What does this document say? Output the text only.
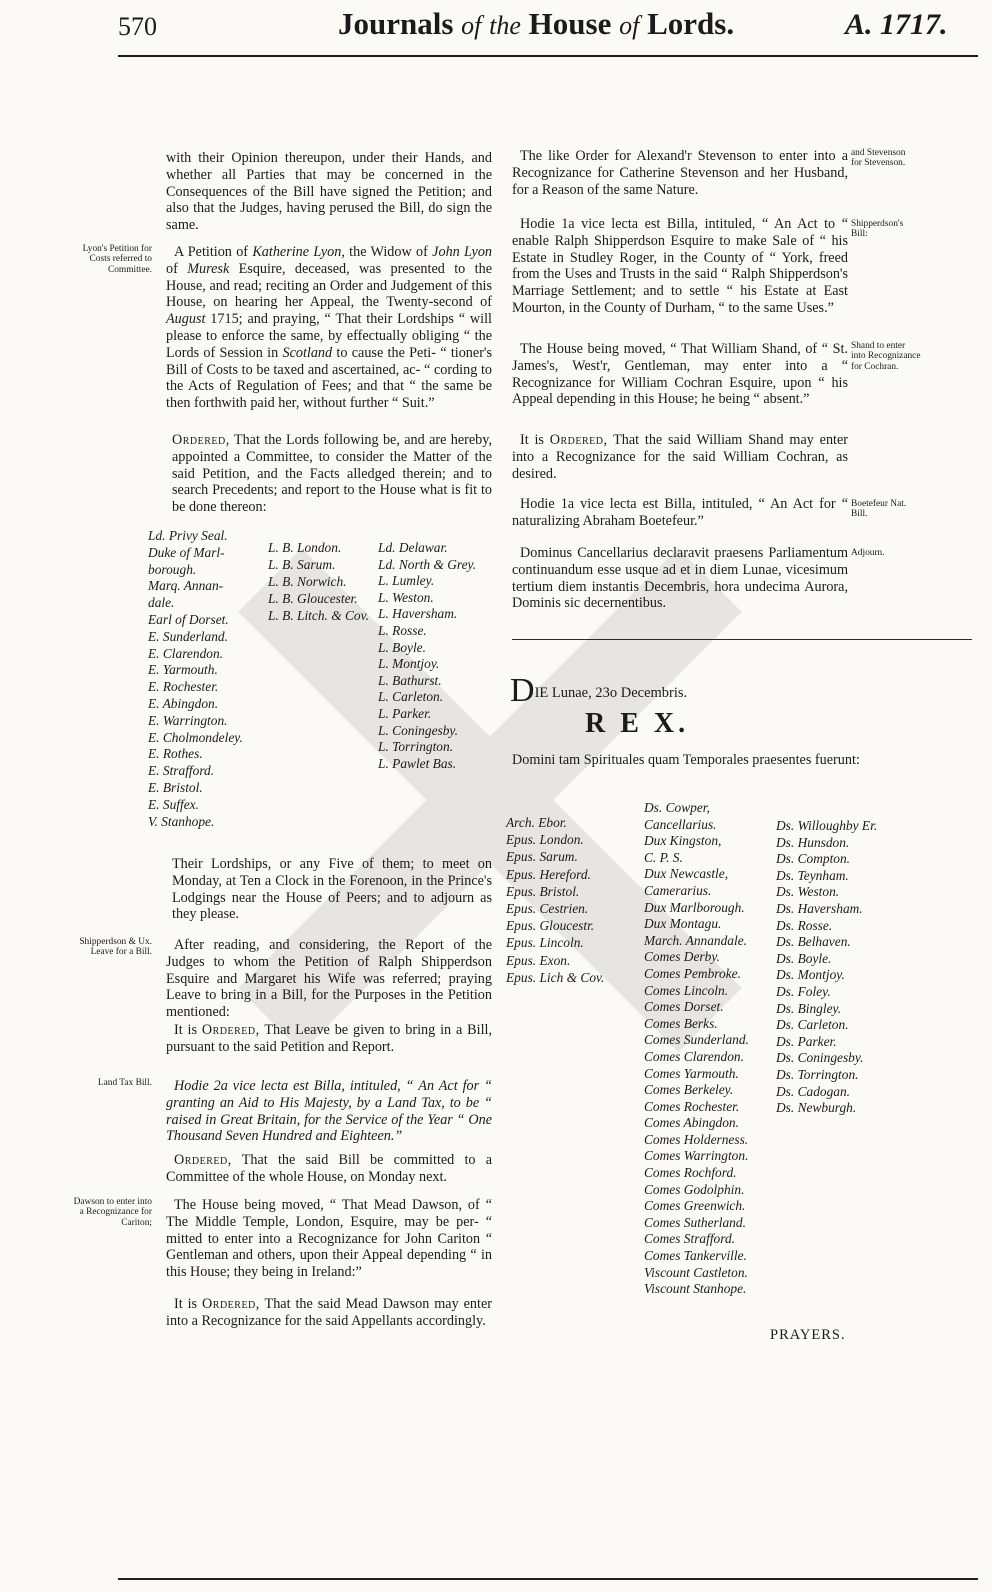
570	Journals of the House of Lords.	A. 1717.

with their Opinion thereupon, under their Hands, and whether all Parties that may be concerned in the Consequences of the Bill have signed the Petition; and also that the Judges, having perused the Bill, do sign the same.

Lyon's Petition for Costs referred to Committee.

A Petition of Katherine Lyon, the Widow of John Lyon of Muresk Esquire, deceased, was presented to the House, and read; reciting an Order and Judgement of this House, on hearing her Appeal, the Twenty-second of August 1715; and praying, “ That their Lordships “ will please to enforce the same, by effectually obliging “ the Lords of Session in Scotland to cause the Peti- “ tioner's Bill of Costs to be taxed and ascertained, ac- “ cording to the Acts of Regulation of Fees; and that “ the same be then forthwith paid her, without further “ Suit.”

Ordered, That the Lords following be, and are hereby, appointed a Committee, to consider the Matter of the said Petition, and the Facts alledged therein; and to search Precedents; and report to the House what is fit to be done thereon:

Ld. Privy Seal.
Duke of Marl-
borough.
Marq. Annan-
dale.
Earl of Dorset.
E. Sunderland.
E. Clarendon.
E. Yarmouth.
E. Rochester.
E. Abingdon.
E. Warrington.
E. Cholmondeley.
E. Rothes.
E. Strafford.
E. Bristol.
E. Suffex.
V. Stanhope.
L. B. London.
L. B. Sarum.
L. B. Norwich.
L. B. Gloucester.
L. B. Litch. & Cov.
Ld. Delawar.
Ld. North & Grey.
L. Lumley.
L. Weston.
L. Haversham.
L. Rosse.
L. Boyle.
L. Montjoy.
L. Bathurst.
L. Carleton.
L. Parker.
L. Coningesby.
L. Torrington.
L. Pawlet Bas.

Their Lordships, or any Five of them; to meet on Monday, at Ten a Clock in the Forenoon, in the Prince's Lodgings near the House of Peers; and to adjourn as they please.

Shipperdson & Ux. Leave for a Bill.	After reading, and considering, the Report of the Judges to whom the Petition of Ralph Shipperdson Esquire and Margaret his Wife was referred; praying Leave to bring in a Bill, for the Purposes in the Petition mentioned:

It is Ordered, That Leave be given to bring in a Bill, pursuant to the said Petition and Report.

Land Tax Bill.	Hodie 2a vice lecta est Billa, intituled, “ An Act for “ granting an Aid to His Majesty, by a Land Tax, to be “ raised in Great Britain, for the Service of the Year “ One Thousand Seven Hundred and Eighteen.”

Ordered, That the said Bill be committed to a Committee of the whole House, on Monday next.

Dawson to enter into a Recognizance for Cariton;

The House being moved, “ That Mead Dawson, of “ The Middle Temple, London, Esquire, may be per- “ mitted to enter into a Recognizance for John Cariton “ Gentleman and others, upon their Appeal depending “ in this House; they being in Ireland:”

It is Ordered, That the said Mead Dawson may enter into a Recognizance for the said Appellants accordingly.

The like Order for Alexand'r Stevenson to enter into a Recognizance for Catherine Stevenson and her Husband, for a Reason of the same Nature.

and Stevenson for Stevenson.

Hodie 1a vice lecta est Billa, intituled, “ An Act to “ enable Ralph Shipperdson Esquire to make Sale of “ his Estate in Studley Roger, in the County of “ York, freed from the Uses and Trusts in the said “ Ralph Shipperdson's Marriage Settlement; and to settle “ his Estate at East Mourton, in the County of Durham, “ to the same Uses.”

Shipperdson's Bill:

The House being moved, “ That William Shand, of “ St. James's, West'r, Gentleman, may enter into a “ Recognizance for William Cochran Esquire, upon “ his Appeal depending in this House; he being “ absent.”

Shand to enter into Recognizance for Cochran.

It is Ordered, That the said William Shand may enter into a Recognizance for the said William Cochran, as desired.

Hodie 1a vice lecta est Billa, intituled, “ An Act for “ naturalizing Abraham Boetefeur.”

Boetefeur Nat. Bill.

Dominus Cancellarius declaravit praesens Parliamentum continuandum esse usque ad et in diem Lunae, vicesimum tertium diem instantis Decembris, hora undecima Aurora, Dominis sic decernentibus.

Adjourn.
DIE Lunae, 23o Decembris.
R E X.

Domini tam Spirituales quam Temporales praesentes fuerunt:

Arch. Ebor.
Epus. London.
Epus. Sarum.
Epus. Hereford.
Epus. Bristol.
Epus. Cestrien.
Epus. Gloucestr.
Epus. Lincoln.
Epus. Exon.
Epus. Lich & Cov.
Ds. Cowper,
Cancellarius.
Dux Kingston,
C. P. S.
Dux Newcastle,
Camerarius.
Dux Marlborough.
Dux Montagu.
March. Annandale.
Comes Derby.
Comes Pembroke.
Comes Lincoln.
Comes Dorset.
Comes Berks.
Comes Sunderland.
Comes Clarendon.
Comes Yarmouth.
Comes Berkeley.
Comes Rochester.
Comes Abingdon.
Comes Holderness.
Comes Warrington.
Comes Rochford.
Comes Godolphin.
Comes Greenwich.
Comes Sutherland.
Comes Strafford.
Comes Tankerville.
Viscount Castleton.
Viscount Stanhope.
Ds. Willoughby Er.
Ds. Hunsdon.
Ds. Compton.
Ds. Teynham.
Ds. Weston.
Ds. Haversham.
Ds. Rosse.
Ds. Belhaven.
Ds. Boyle.
Ds. Montjoy.
Ds. Foley.
Ds. Bingley.
Ds. Carleton.
Ds. Parker.
Ds. Coningesby.
Ds. Torrington.
Ds. Cadogan.
Ds. Newburgh.
PRAYERS.
